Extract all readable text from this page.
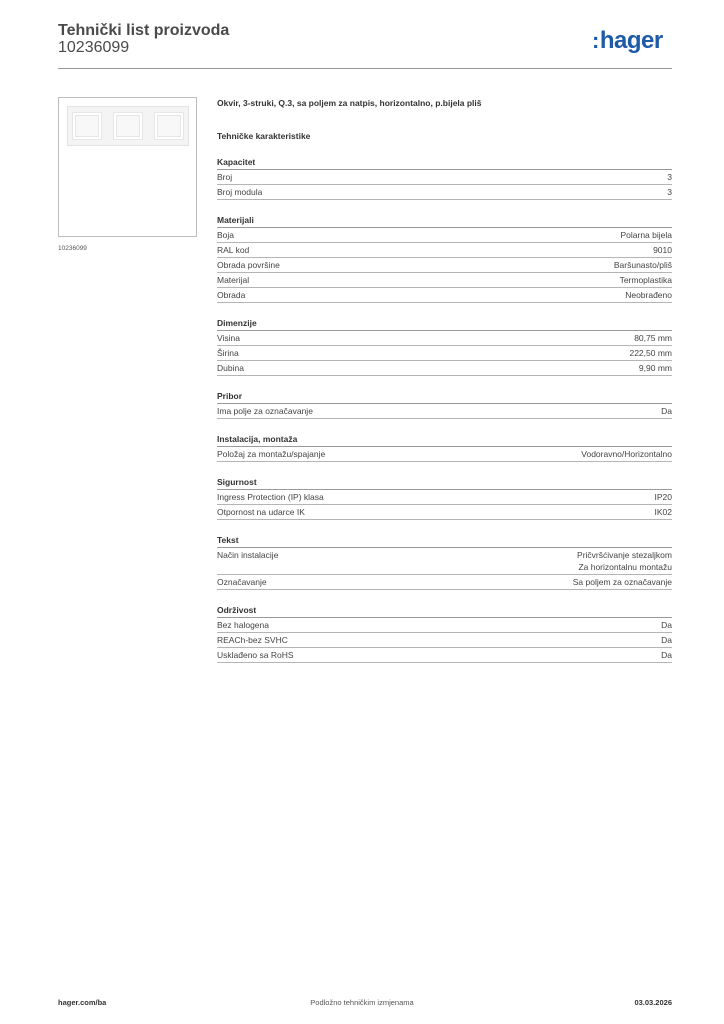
Tehnički list proizvoda
10236099	:hager
10236099
Okvir, 3-struki, Q.3, sa poljem za natpis, horizontalno, p.bijela pliš
Tehničke karakteristike
Kapacitet
Broj	3
Broj modula	3
Materijali
Boja	Polarna bijela
RAL kod	9010
Obrada površine	Baršunasto/pliš
Materijal	Termoplastika
Obrada	Neobrađeno
Dimenzije
Visina	80,75 mm
Širina	222,50 mm
Dubina	9,90 mm
Pribor
Ima polje za označavanje	Da
Instalacija, montaža
Položaj za montažu/spajanje	Vodoravno/Horizontalno
Sigurnost
Ingress Protection (IP) klasa	IP20
Otpornost na udarce IK	IK02
Tekst
Način instalacije	Pričvršćivanje stezaljkom
Za horizontalnu montažu
Označavanje	Sa poljem za označavanje
Održivost
Bez halogena	Da
REACh-bez SVHC	Da
Usklađeno sa RoHS	Da
hager.com/ba	Podložno tehničkim izmjenama	03.03.2026
